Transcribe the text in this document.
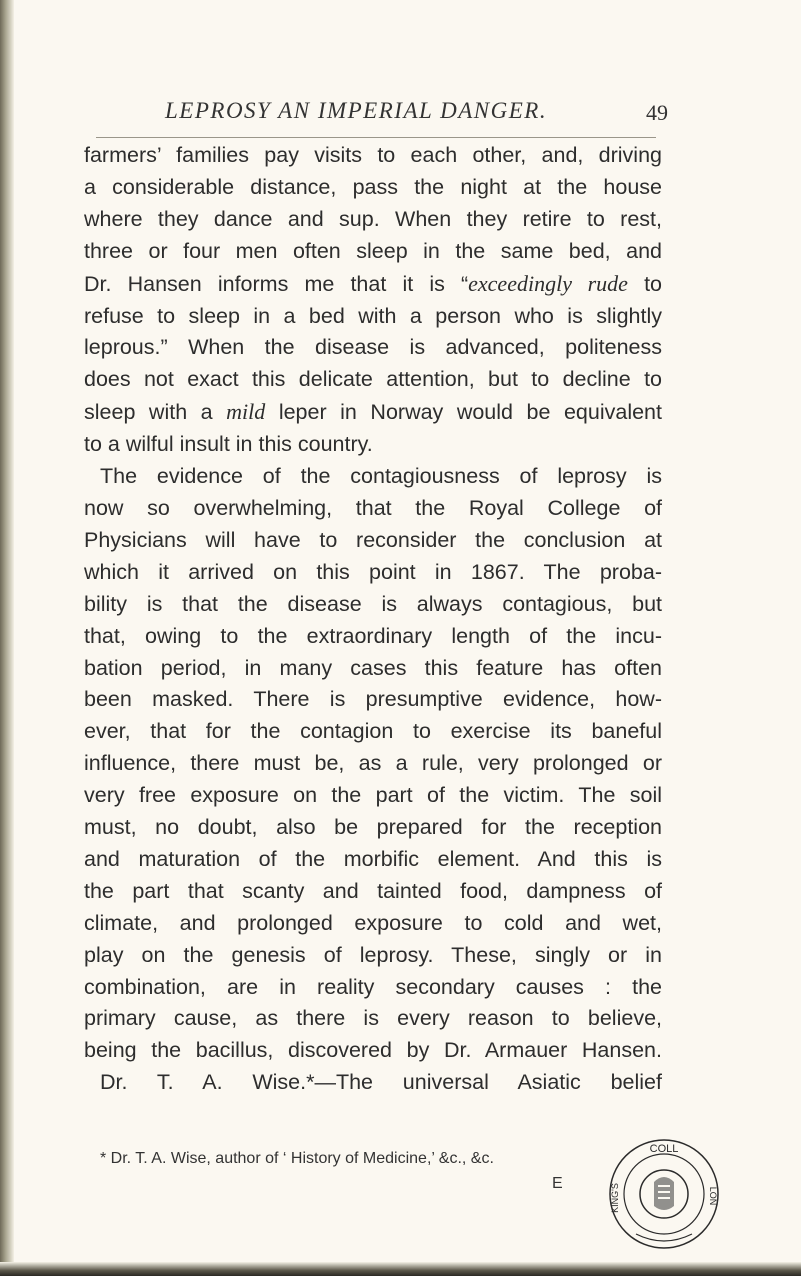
LEPROSY AN IMPERIAL DANGER.	49
farmers’ families pay visits to each other, and, driving
a considerable distance, pass the night at the house
where they dance and sup. When they retire to rest,
three or four men often sleep in the same bed, and
Dr. Hansen informs me that it is “exceedingly rude to
refuse to sleep in a bed with a person who is slightly
leprous.” When the disease is advanced, politeness
does not exact this delicate attention, but to decline to
sleep with a mild leper in Norway would be equivalent
to a wilful insult in this country.
The evidence of the contagiousness of leprosy is
now so overwhelming, that the Royal College of
Physicians will have to reconsider the conclusion at
which it arrived on this point in 1867. The proba-
bility is that the disease is always contagious, but
that, owing to the extraordinary length of the incu-
bation period, in many cases this feature has often
been masked. There is presumptive evidence, how-
ever, that for the contagion to exercise its baneful
influence, there must be, as a rule, very prolonged or
very free exposure on the part of the victim. The soil
must, no doubt, also be prepared for the reception
and maturation of the morbific element. And this is
the part that scanty and tainted food, dampness of
climate, and prolonged exposure to cold and wet,
play on the genesis of leprosy. These, singly or in
combination, are in reality secondary causes : the
primary cause, as there is every reason to believe,
being the bacillus, discovered by Dr. Armauer Hansen.
Dr. T. A. Wise.*—The universal Asiatic belief
* Dr. T. A. Wise, author of ‘ History of Medicine,’ &c., &c.
E
COLL
KING'S	LON
